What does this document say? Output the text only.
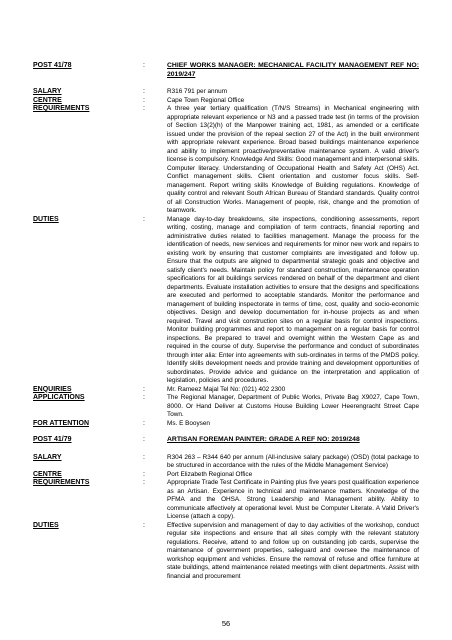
POST 41/78	:	CHIEF WORKS MANAGER: MECHANICAL FACILITY MANAGEMENT REF NO: 2019/247
SALARY	:	R316 791 per annum
CENTRE	:	Cape Town Regional Office
REQUIREMENTS	:	A three year tertiary qualification (T/N/S Streams) in Mechanical engineering with appropriate relevant experience or N3 and a passed trade test (in terms of the provision of Section 13(2)(h) of the Manpower training act, 1981, as amended or a certificate issued under the provision of the repeal section 27 of the Act) in the built environment with appropriate relevant experience. Broad based buildings maintenance experience and ability to implement proactive/preventative maintenance system. A valid driver's license is compulsory. Knowledge And Skills: Good management and interpersonal skills. Computer literacy. Understanding of Occupational Health and Safety Act (OHS) Act. Conflict management skills. Client orientation and customer focus skills. Self-management. Report writing skills Knowledge of Building regulations. Knowledge of quality control and relevant South African Bureau of Standard standards. Quality control of all Construction Works. Management of people, risk, change and the promotion of teamwork.
DUTIES	:	Manage day-to-day breakdowns, site inspections, conditioning assessments, report writing, costing, manage and compilation of term contracts, financial reporting and administrative duties related to facilities management. Manage the process for the identification of needs, new services and requirements for minor new work and repairs to existing work by ensuring that customer complaints are investigated and follow up. Ensure that the outputs are aligned to departmental strategic goals and objective and satisfy client's needs. Maintain policy for standard construction, maintenance operation specifications for all buildings services rendered on behalf of the department and client departments. Evaluate installation activities to ensure that the designs and specifications are executed and performed to acceptable standards. Monitor the performance and management of building inspectorate in terms of time, cost, quality and socio-economic objectives. Design and develop documentation for in-house projects as and when required. Travel and visit construction sites on a regular basis for control inspections. Monitor building programmes and report to management on a regular basis for control inspections. Be prepared to travel and overnight within the Western Cape as and required in the course of duty. Supervise the performance and conduct of subordinates through inter alia: Enter into agreements with sub-ordinates in terms of the PMDS policy. Identify skills development needs and provide training and development opportunities of subordinates. Provide advice and guidance on the interpretation and application of legislation, policies and procedures.
ENQUIRIES	:	Mr. Rameez Majal Tel No: (021) 402 2300
APPLICATIONS	:	The Regional Manager, Department of Public Works, Private Bag X9027, Cape Town, 8000. Or Hand Deliver at Customs House Building Lower Heerengracht Street Cape Town.
FOR ATTENTION	:	Ms. E Booysen
POST 41/79	:	ARTISAN FOREMAN PAINTER: GRADE A REF NO: 2019/248
SALARY	:	R304 263 – R344 640 per annum (All-inclusive salary package) (OSD) (total package to be structured in accordance with the rules of the Middle Management Service)
CENTRE	:	Port Elizabeth Regional Office
REQUIREMENTS	:	Appropriate Trade Test Certificate in Painting plus five years post qualification experience as an Artisan. Experience in technical and maintenance matters. Knowledge of the PFMA and the OHSA. Strong Leadership and Management ability. Ability to communicate affectively at operational level. Must be Computer Literate. A Valid Driver's License (attach a copy).
DUTIES	:	Effective supervision and management of day to day activities of the workshop, conduct regular site inspections and ensure that all sites comply with the relevant statutory regulations. Receive, attend to and follow up on outstanding job cards, supervise the maintenance of government properties, safeguard and oversee the maintenance of workshop equipment and vehicles. Ensure the removal of refuse and office furniture at state buildings, attend maintenance related meetings with client departments. Assist with financial and procurement
56
